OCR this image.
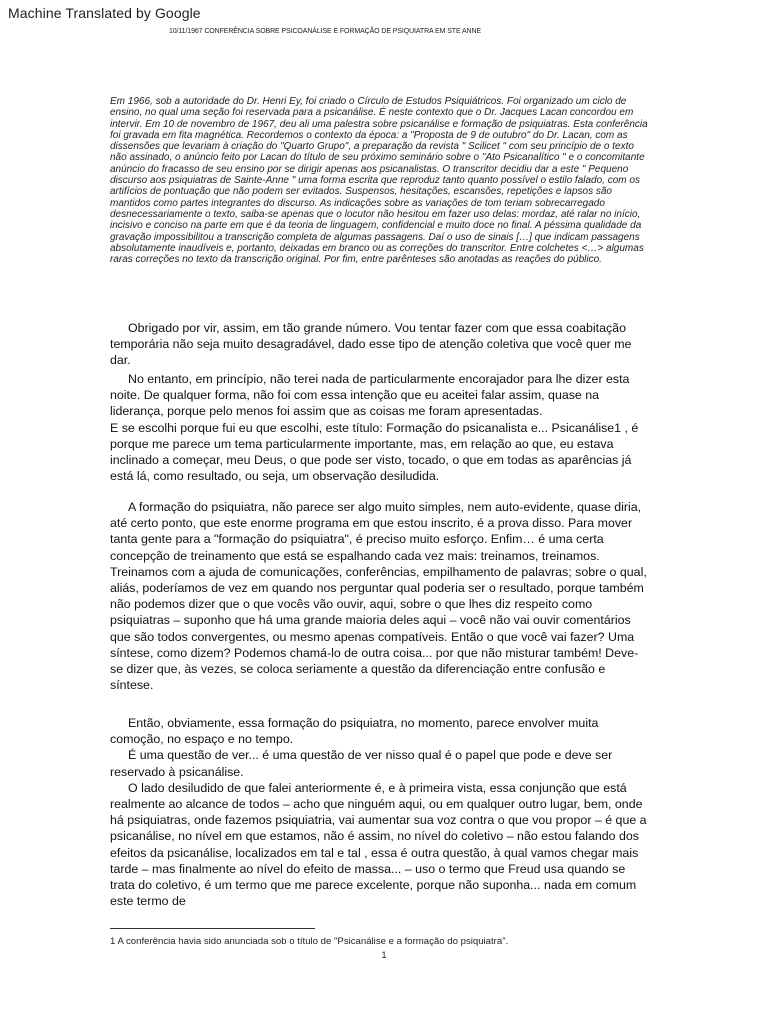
Machine Translated by Google
10/11/1967 CONFERÊNCIA SOBRE PSICOANÁLISE E FORMAÇÃO DE PSIQUIATRA EM STE ANNE

Em 1966, sob a autoridade do Dr. Henri Ey, foi criado o Círculo de Estudos Psiquiátricos. Foi organizado um ciclo de ensino, no qual uma seção foi reservada para a psicanálise. É neste contexto que o Dr. Jacques Lacan concordou em intervir. Em 10 de novembro de 1967, deu ali uma palestra sobre psicanálise e formação de psiquiatras. Esta conferência foi gravada em fita magnética. Recordemos o contexto da época: a "Proposta de 9 de outubro" do Dr. Lacan, com as dissensões que levariam à criação do "Quarto Grupo", a preparação da revista " Scilicet " com seu princípio de o texto não assinado, o anúncio feito por Lacan do título de seu próximo seminário sobre o "Ato Psicanalítico " e o concomitante anúncio do fracasso de seu ensino por se dirigir apenas aos psicanalistas. O transcritor decidiu dar a este " Pequeno discurso aos psiquiatras de Sainte-Anne " uma forma escrita que reproduz tanto quanto possível o estilo falado, com os artifícios de pontuação que não podem ser evitados. Suspensos, hesitações, escansões, repetições e lapsos são mantidos como partes integrantes do discurso. As indicações sobre as variações de tom teriam sobrecarregado desnecessariamente o texto, saiba-se apenas que o locutor não hesitou em fazer uso delas: mordaz, até ralar no início, incisivo e conciso na parte em que é da teoria de linguagem, confidencial e muito doce no final. A péssima qualidade da gravação impossibilitou a transcrição completa de algumas passagens. Daí o uso de sinais […] que indicam passagens absolutamente inaudíveis e, portanto, deixadas em branco ou as correções do transcritor. Entre colchetes <…> algumas raras correções no texto da transcrição original. Por fim, entre parênteses são anotadas as reações do público.

Obrigado por vir, assim, em tão grande número. Vou tentar fazer com que essa coabitação temporária não seja muito desagradável, dado esse tipo de atenção coletiva que você quer me dar.

No entanto, em princípio, não terei nada de particularmente encorajador para lhe dizer esta noite. De qualquer forma, não foi com essa intenção que eu aceitei falar assim, quase na liderança, porque pelo menos foi assim que as coisas me foram apresentadas.

E se escolhi porque fui eu que escolhi, este título: Formação do psicanalista e... Psicanálise1 , é porque me parece um tema particularmente importante, mas, em relação ao que, eu estava inclinado a começar, meu Deus, o que pode ser visto, tocado, o que em todas as aparências já está lá, como resultado, ou seja, um observação desiludida.

A formação do psiquiatra, não parece ser algo muito simples, nem auto-evidente, quase diria, até certo ponto, que este enorme programa em que estou inscrito, é a prova disso. Para mover tanta gente para a "formação do psiquiatra", é preciso muito esforço. Enfim… é uma certa concepção de treinamento que está se espalhando cada vez mais: treinamos, treinamos. Treinamos com a ajuda de comunicações, conferências, empilhamento de palavras; sobre o qual, aliás, poderíamos de vez em quando nos perguntar qual poderia ser o resultado, porque também não podemos dizer que o que vocês vão ouvir, aqui, sobre o que lhes diz respeito como psiquiatras – suponho que há uma grande maioria deles aqui – você não vai ouvir comentários que são todos convergentes, ou mesmo apenas compatíveis. Então o que você vai fazer? Uma síntese, como dizem? Podemos chamá-lo de outra coisa... por que não misturar também! Deve-se dizer que, às vezes, se coloca seriamente a questão da diferenciação entre confusão e síntese.

Então, obviamente, essa formação do psiquiatra, no momento, parece envolver muita comoção, no espaço e no tempo.

É uma questão de ver... é uma questão de ver nisso qual é o papel que pode e deve ser reservado à psicanálise.

O lado desiludido de que falei anteriormente é, e à primeira vista, essa conjunção que está realmente ao alcance de todos – acho que ninguém aqui, ou em qualquer outro lugar, bem, onde há psiquiatras, onde fazemos psiquiatria, vai aumentar sua voz contra o que vou propor – é que a psicanálise, no nível em que estamos, não é assim, no nível do coletivo – não estou falando dos efeitos da psicanálise, localizados em tal e tal , essa é outra questão, à qual vamos chegar mais tarde – mas finalmente ao nível do efeito de massa... – uso o termo que Freud usa quando se trata do coletivo, é um termo que me parece excelente, porque não suponha... nada em comum este termo de

1 A conferência havia sido anunciada sob o título de "Psicanálise e a formação do psiquiatra".

1
